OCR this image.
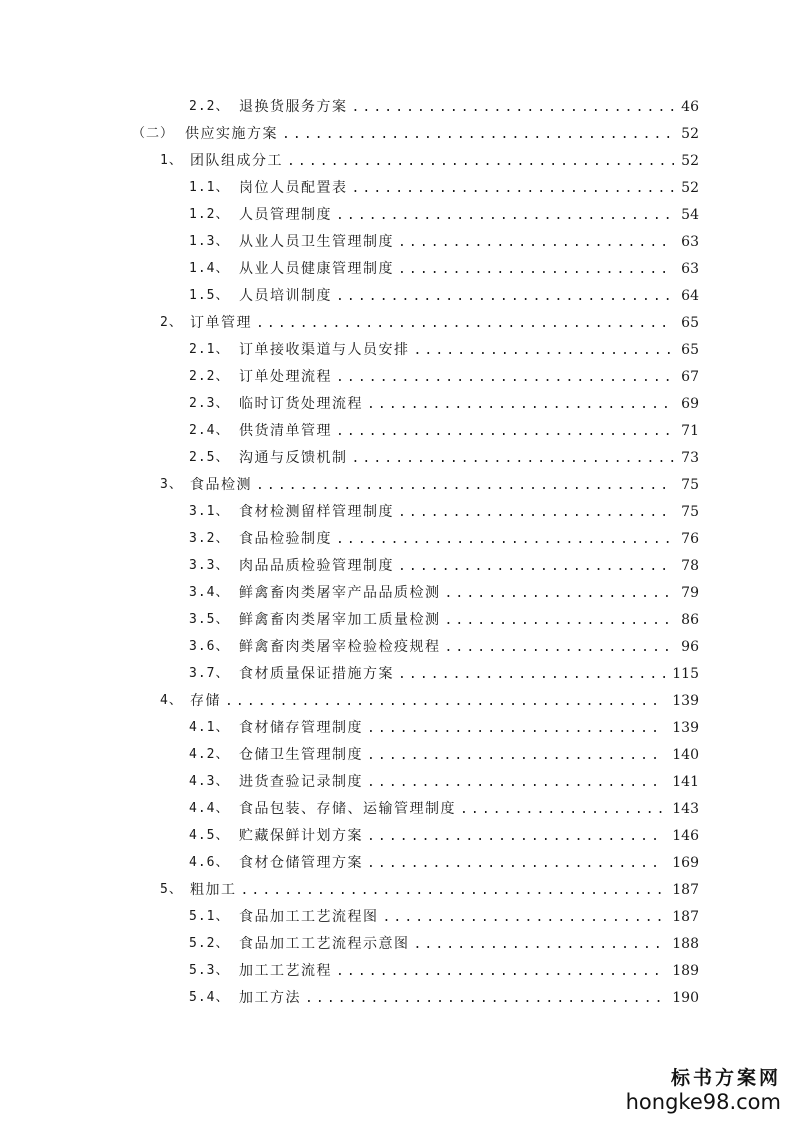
2.2、 退换货服务方案 .....	46
（二） 供应实施方案 .....	52
1、 团队组成分工 .....	52
1.1、 岗位人员配置表 .....	52
1.2、 人员管理制度 .....	54
1.3、 从业人员卫生管理制度 .....	63
1.4、 从业人员健康管理制度 .....	63
1.5、 人员培训制度 .....	64
2、 订单管理 .....	65
2.1、 订单接收渠道与人员安排 .....	65
2.2、 订单处理流程 .....	67
2.3、 临时订货处理流程 .....	69
2.4、 供货清单管理 .....	71
2.5、 沟通与反馈机制 .....	73
3、 食品检测 .....	75
3.1、 食材检测留样管理制度 .....	75
3.2、 食品检验制度 .....	76
3.3、 肉品品质检验管理制度 .....	78
3.4、 鲜禽畜肉类屠宰产品品质检测 .....	79
3.5、 鲜禽畜肉类屠宰加工质量检测 .....	86
3.6、 鲜禽畜肉类屠宰检验检疫规程 .....	96
3.7、 食材质量保证措施方案 .....	115
4、 存储 .....	139
4.1、 食材储存管理制度 .....	139
4.2、 仓储卫生管理制度 .....	140
4.3、 进货查验记录制度 .....	141
4.4、 食品包装、存储、运输管理制度 .....	143
4.5、 贮藏保鲜计划方案 .....	146
4.6、 食材仓储管理方案 .....	169
5、 粗加工 .....	187
5.1、 食品加工工艺流程图 .....	187
5.2、 食品加工工艺流程示意图 .....	188
5.3、 加工工艺流程 .....	189
5.4、 加工方法 .....	190
标书方案网
hongke98.com
